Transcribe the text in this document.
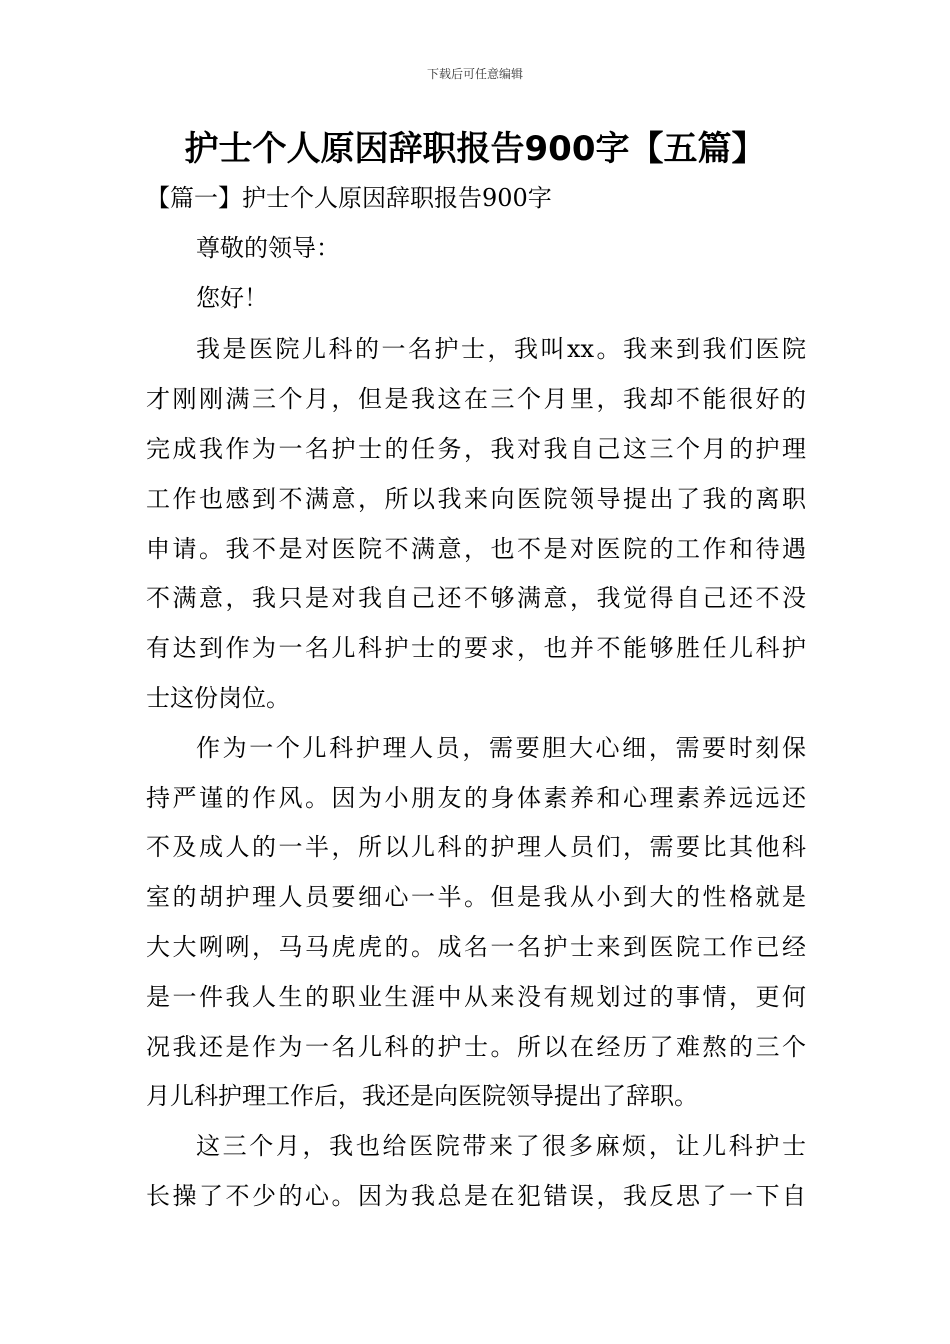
下载后可任意编辑
护士个人原因辞职报告900字【五篇】
【篇一】护士个人原因辞职报告900字
尊敬的领导：
您好！
我是医院儿科的一名护士，我叫xx。我来到我们医院
才刚刚满三个月，但是我这在三个月里，我却不能很好的
完成我作为一名护士的任务，我对我自己这三个月的护理
工作也感到不满意，所以我来向医院领导提出了我的离职
申请。我不是对医院不满意，也不是对医院的工作和待遇
不满意，我只是对我自己还不够满意，我觉得自己还不没
有达到作为一名儿科护士的要求，也并不能够胜任儿科护
士这份岗位。
作为一个儿科护理人员，需要胆大心细，需要时刻保
持严谨的作风。因为小朋友的身体素养和心理素养远远还
不及成人的一半，所以儿科的护理人员们，需要比其他科
室的胡护理人员要细心一半。但是我从小到大的性格就是
大大咧咧，马马虎虎的。成名一名护士来到医院工作已经
是一件我人生的职业生涯中从来没有规划过的事情，更何
况我还是作为一名儿科的护士。所以在经历了难熬的三个
月儿科护理工作后，我还是向医院领导提出了辞职。
这三个月，我也给医院带来了很多麻烦，让儿科护士
长操了不少的心。因为我总是在犯错误，我反思了一下自
